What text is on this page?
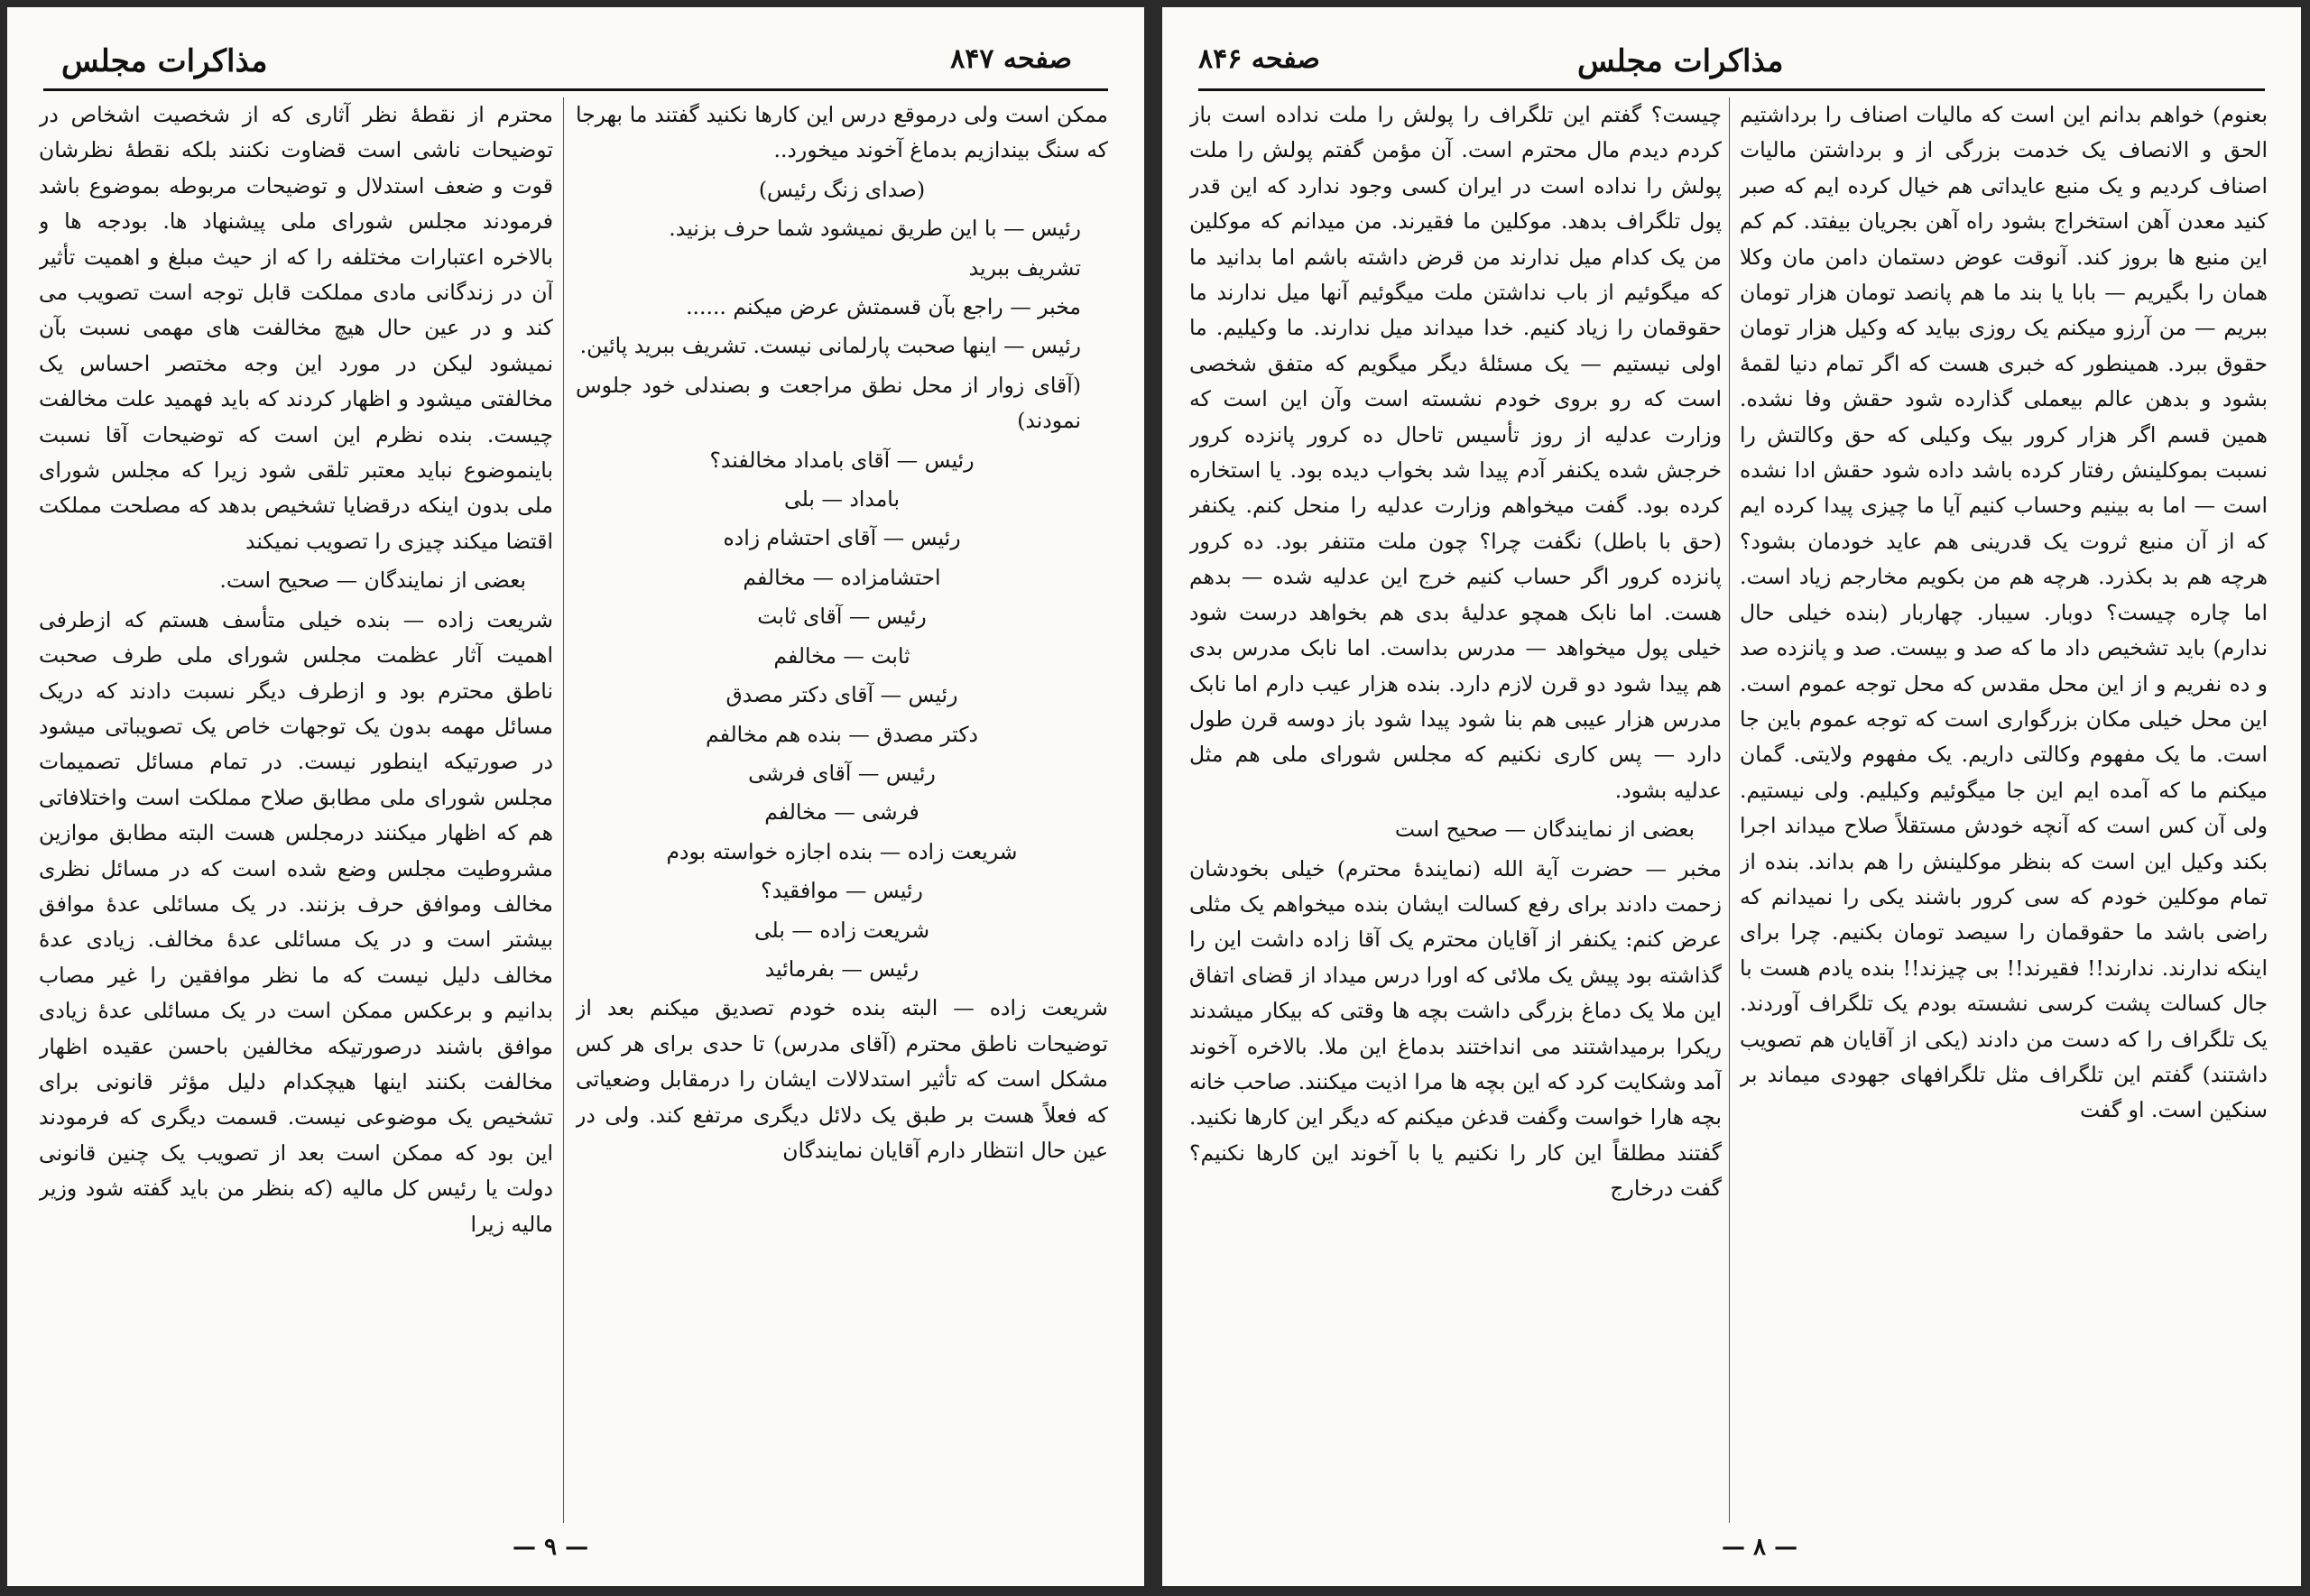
مذاکرات مجلس	صفحه ۸۴۷

ممکن است ولی درموقع درس این کارها نکنید گفتند ما بهرجا که سنگ بیندازیم بدماغ آخوند میخورد..

(صدای زنگ رئیس)

رئیس — با این طریق نمیشود شما حرف بزنید.

تشریف ببرید

مخبر — راجع بآن قسمتش عرض میکنم ......

رئیس — اینها صحبت پارلمانی نیست. تشریف ببرید پائین.

(آقای زوار از محل نطق مراجعت و بصندلی خود جلوس نمودند)

رئیس — آقای بامداد مخالفند؟

بامداد — بلی

رئیس — آقای احتشام زاده

احتشامزاده — مخالفم

رئیس — آقای ثابت

ثابت — مخالفم

رئیس — آقای دکتر مصدق

دکتر مصدق — بنده هم مخالفم

رئیس — آقای فرشی

فرشی — مخالفم

شریعت زاده — بنده اجازه خواسته بودم

رئیس — موافقید؟

شریعت زاده — بلی

رئیس — بفرمائید

شریعت زاده — البته بنده خودم تصدیق میکنم بعد از توضیحات ناطق محترم (آقای مدرس) تا حدی برای هر کس مشکل است که تأثیر استدلالات ایشان را درمقابل وضعیاتی که فعلاً هست بر طبق یک دلائل دیگری مرتفع کند. ولی در عین حال انتظار دارم آقایان نمایندگان

محترم از نقطهٔ نظر آثاری که از شخصیت اشخاص در توضیحات ناشی است قضاوت نکنند بلکه نقطهٔ نظرشان قوت و ضعف استدلال و توضیحات مربوطه بموضوع باشد فرمودند مجلس شورای ملی پیشنهاد ها. بودجه ها و بالاخره اعتبارات مختلفه را که از حیث مبلغ و اهمیت تأثیر آن در زندگانی مادی مملکت قابل توجه است تصویب می کند و در عین حال هیچ مخالفت های مهمی نسبت بآن نمیشود لیکن در مورد این وجه مختصر احساس یک مخالفتی میشود و اظهار کردند که باید فهمید علت مخالفت چیست. بنده نظرم این است که توضیحات آقا نسبت باینموضوع نباید معتبر تلقی شود زیرا که مجلس شورای ملی بدون اینکه درقضایا تشخیص بدهد که مصلحت مملکت اقتضا میکند چیزی را تصویب نمیکند

بعضی از نمایندگان — صحیح است.

شریعت زاده — بنده خیلی متأسف هستم که ازطرفی اهمیت آثار عظمت مجلس شورای ملی طرف صحبت ناطق محترم بود و ازطرف دیگر نسبت دادند که دریک مسائل مهمه بدون یک توجهات خاص یک تصویباتی میشود در صورتیکه اینطور نیست. در تمام مسائل تصمیمات مجلس شورای ملی مطابق صلاح مملکت است واختلافاتی هم که اظهار میکنند درمجلس هست البته مطابق موازین مشروطیت مجلس وضع شده است که در مسائل نظری مخالف وموافق حرف بزنند. در یک مسائلی عدهٔ موافق بیشتر است و در یک مسائلی عدهٔ مخالف. زیادی عدهٔ مخالف دلیل نیست که ما نظر موافقین را غیر مصاب بدانیم و برعکس ممکن است در یک مسائلی عدهٔ زیادی موافق باشند درصورتیکه مخالفین باحسن عقیده اظهار مخالفت بکنند اینها هیچکدام دلیل مؤثر قانونی برای تشخیص یک موضوعی نیست. قسمت دیگری که فرمودند این بود که ممکن است بعد از تصویب یک چنین قانونی دولت یا رئیس کل مالیه (که بنظر من باید گفته شود وزیر مالیه زیرا

— ۹ —
مذاکرات مجلس
صفحه ۸۴۶

بعنوم) خواهم بدانم این است که مالیات اصناف را برداشتیم الحق و الانصاف یک خدمت بزرگی از و برداشتن مالیات اصناف کردیم و یک منبع عایداتی هم خیال کرده ایم که صبر کنید معدن آهن استخراج بشود راه آهن بجریان بیفتد. کم کم این منبع ها بروز کند. آنوقت عوض دستمان دامن مان وکلا همان را بگیریم — بابا یا بند ما هم پانصد تومان هزار تومان ببریم — من آرزو میکنم یک روزی بیاید که وکیل هزار تومان حقوق ببرد. همینطور که خبری هست که اگر تمام دنیا لقمهٔ بشود و بدهن عالم بیعملی گذارده شود حقش وفا نشده. همین قسم اگر هزار کرور بیک وکیلی که حق وکالتش را نسبت بموکلینش رفتار کرده باشد داده شود حقش ادا نشده است — اما به بینیم وحساب کنیم آیا ما چیزی پیدا کرده ایم که از آن منبع ثروت یک قدرینی هم عاید خودمان بشود؟ هرچه هم بد بکذرد. هرچه هم من بکویم مخارجم زیاد است. اما چاره چیست؟ دوبار. سیبار. چهاربار (بنده خیلی حال ندارم) باید تشخیص داد ما که صد و بیست. صد و پانزده صد و ده نفریم و از این محل مقدس که محل توجه عموم است. این محل خیلی مکان بزرگواری است که توجه عموم باین جا است. ما یک مفهوم وکالتی داریم. یک مفهوم ولایتی. گمان میکنم ما که آمده ایم این جا میگوئیم وکیلیم. ولی نیستیم. ولی آن کس است که آنچه خودش مستقلاً صلاح میداند اجرا بکند وکیل این است که بنظر موکلینش را هم بداند. بنده از تمام موکلین خودم که سی کرور باشند یکی را نمیدانم که راضی باشد ما حقوقمان را سیصد تومان بکنیم. چرا برای اینکه ندارند. ندارند!! فقیرند!! بی چیزند!! بنده یادم هست با جال کسالت پشت کرسی نشسته بودم یک تلگراف آوردند. یک تلگراف را که دست من دادند (یکی از آقایان هم تصویب داشتند) گفتم این تلگراف مثل تلگرافهای جهودی میماند بر سنکین است. او گفت

چیست؟ گفتم این تلگراف را پولش را ملت نداده است باز کردم دیدم مال محترم است. آن مؤمن گفتم پولش را ملت پولش را نداده است در ایران کسی وجود ندارد که این قدر پول تلگراف بدهد. موکلین ما فقیرند. من میدانم که موکلین من یک کدام میل ندارند من قرض داشته باشم اما بدانید ما که میگوئیم از باب نداشتن ملت میگوئیم آنها میل ندارند ما حقوقمان را زیاد کنیم. خدا میداند میل ندارند. ما وکیلیم. ما اولی نیستیم — یک مسئلهٔ دیگر میگویم که متفق شخصی است که رو بروی خودم نشسته است وآن این است که وزارت عدلیه از روز تأسیس تاحال ده کرور پانزده کرور خرجش شده یکنفر آدم پیدا شد بخواب دیده بود. یا استخاره کرده بود. گفت میخواهم وزارت عدلیه را منحل کنم. یکنفر (حق با باطل) نگفت چرا؟ چون ملت متنفر بود. ده کرور پانزده کرور اگر حساب کنیم خرج این عدلیه شده — بدهم هست. اما نابک همچو عدلیهٔ بدی هم بخواهد درست شود خیلی پول میخواهد — مدرس بداست. اما نابک مدرس بدی هم پیدا شود دو قرن لازم دارد. بنده هزار عیب دارم اما نابک مدرس هزار عیبی هم بنا شود پیدا شود باز دوسه قرن طول دارد — پس کاری نکنیم که مجلس شورای ملی هم مثل عدلیه بشود.

بعضی از نمایندگان — صحیح است

مخبر — حضرت آیة الله (نمایندهٔ محترم) خیلی بخودشان زحمت دادند برای رفع کسالت ایشان بنده میخواهم یک مثلی عرض کنم: یکنفر از آقایان محترم یک آقا زاده داشت این را گذاشته بود پیش یک ملائی که اورا درس میداد از قضای اتفاق این ملا یک دماغ بزرگی داشت بچه ها وقتی که بیکار میشدند ریکرا برمیداشتند می انداختند بدماغ این ملا. بالاخره آخوند آمد وشکایت کرد که این بچه ها مرا اذیت میکنند. صاحب خانه بچه هارا خواست وگفت قدغن میکنم که دیگر این کارها نکنید. گفتند مطلقاً این کار را نکنیم یا با آخوند این کارها نکنیم؟ گفت درخارج

— ۸ —
